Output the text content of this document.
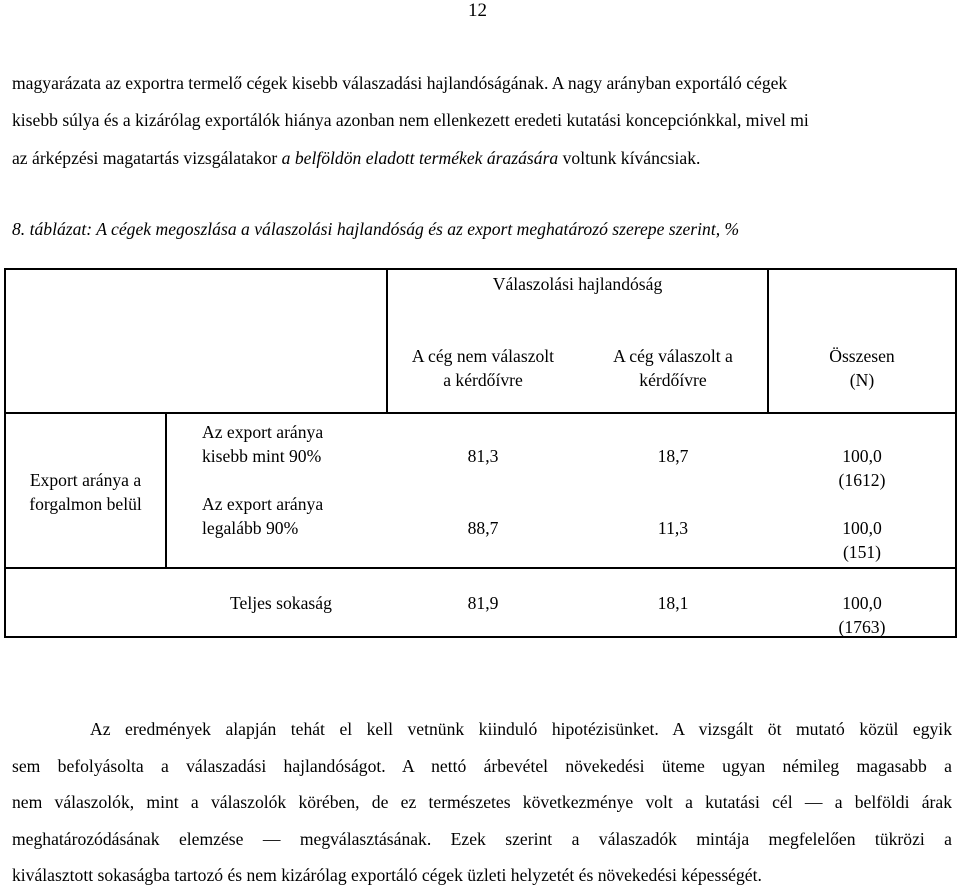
12
magyarázata az exportra termelő cégek kisebb válaszadási hajlandóságának. A nagy arányban exportáló cégek
kisebb súlya és a kizárólag exportálók hiánya azonban nem ellenkezett eredeti kutatási koncepciónkkal, mivel mi
az árképzési magatartás vizsgálatakor a belföldön eladott termékek árazására voltunk kíváncsiak.
8. táblázat: A cégek megoszlása a válaszolási hajlandóság és az export meghatározó szerepe szerint, %
Válaszolási hajlandóság
A cég nem válaszolt
a kérdőívre
A cég válaszolt a
kérdőívre
Összesen
(N)
Export aránya a
forgalmon belül
Az export aránya
kisebb mint 90%	81,3	18,7	100,0
(1612)
Az export aránya
legalább 90%	88,7	11,3	100,0
(151)
Teljes sokaság	81,9	18,1	100,0
(1763)
Az eredmények alapján tehát el kell vetnünk kiinduló hipotézisünket. A vizsgált öt mutató közül egyik
sem befolyásolta a válaszadási hajlandóságot. A nettó árbevétel növekedési üteme ugyan némileg magasabb a
nem válaszolók, mint a válaszolók körében, de ez természetes következménye volt a kutatási cél — a belföldi árak
meghatározódásának elemzése — megválasztásának. Ezek szerint a válaszadók mintája megfelelően tükrözi a
kiválasztott sokaságba tartozó és nem kizárólag exportáló cégek üzleti helyzetét és növekedési képességét.
